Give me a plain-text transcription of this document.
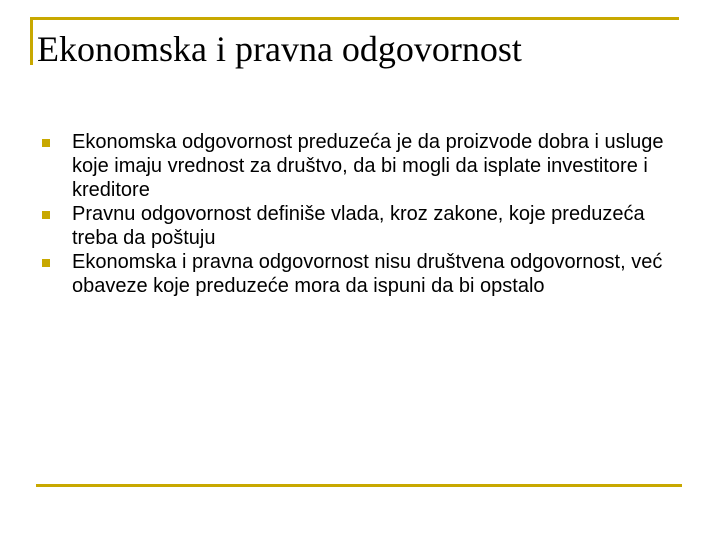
Ekonomska i pravna odgovornost
Ekonomska odgovornost preduzeća je da proizvode dobra i usluge koje imaju vrednost za društvo, da bi mogli da isplate investitore i kreditore
Pravnu odgovornost definiše vlada, kroz zakone, koje preduzeća treba da poštuju
Ekonomska i pravna odgovornost nisu društvena odgovornost, već obaveze koje preduzeće mora da ispuni da bi opstalo
